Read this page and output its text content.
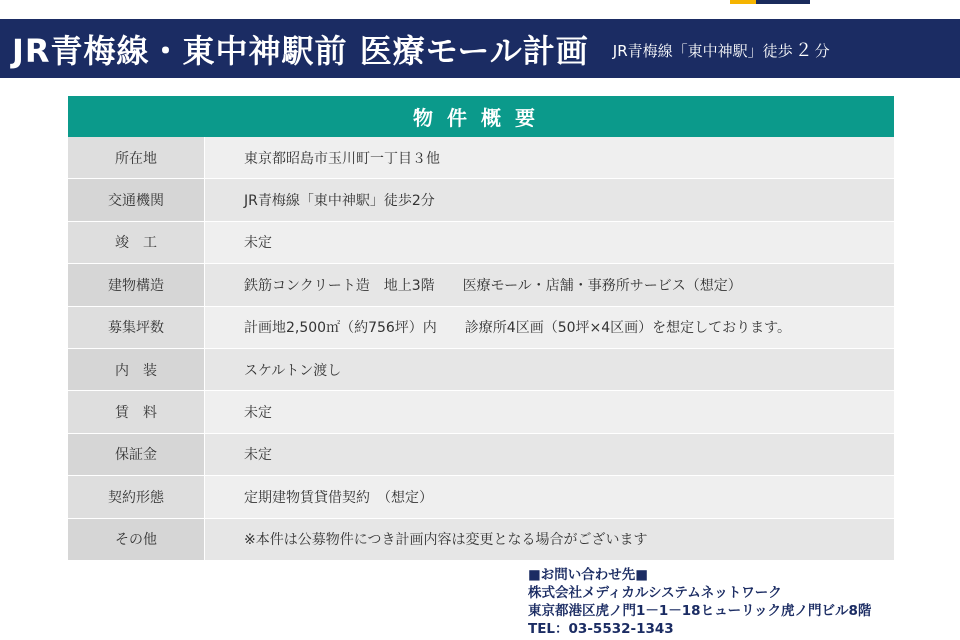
JR青梅線・東中神駅前 医療モール計画 JR青梅線「東中神駅」徒歩 ２ 分
物件概要
所在地	東京都昭島市玉川町一丁目３他
交通機関	JR青梅線「東中神駅」徒歩2分
竣　工	未定
建物構造	鉄筋コンクリート造　地上3階　　医療モール・店舗・事務所サービス（想定）
募集坪数	計画地2,500㎡（約756坪）内　　診療所4区画（50坪×4区画）を想定しております。
内　装	スケルトン渡し
賃　料	未定
保証金	未定
契約形態	定期建物賃貸借契約　（想定）
その他	※本件は公募物件につき計画内容は変更となる場合がございます
■お問い合わせ先■
株式会社メディカルシステムネットワーク
東京都港区虎ノ門1－1－18ヒューリック虎ノ門ビル8階
TEL：03-5532-1343
